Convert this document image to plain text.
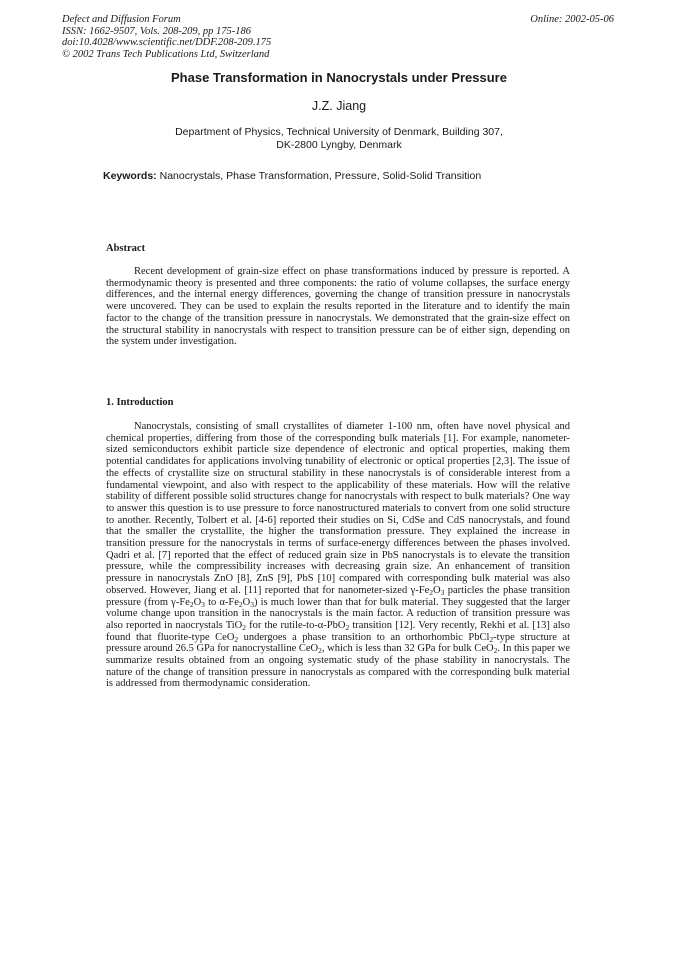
Defect and Diffusion Forum
ISSN: 1662-9507, Vols. 208-209, pp 175-186
doi:10.4028/www.scientific.net/DDF.208-209.175
© 2002 Trans Tech Publications Ltd, Switzerland
Online: 2002-05-06
Phase Transformation in Nanocrystals under Pressure
J.Z. Jiang
Department of Physics, Technical University of Denmark, Building 307,
DK-2800 Lyngby, Denmark
Keywords: Nanocrystals, Phase Transformation, Pressure, Solid-Solid Transition
Abstract
Recent development of grain-size effect on phase transformations induced by pressure is reported. A thermodynamic theory is presented and three components: the ratio of volume collapses, the surface energy differences, and the internal energy differences, governing the change of transition pressure in nanocrystals were uncovered. They can be used to explain the results reported in the literature and to identify the main factor to the change of the transition pressure in nanocrystals. We demonstrated that the grain-size effect on the structural stability in nanocrystals with respect to transition pressure can be of either sign, depending on the system under investigation.
1. Introduction
Nanocrystals, consisting of small crystallites of diameter 1-100 nm, often have novel physical and chemical properties, differing from those of the corresponding bulk materials [1]. For example, nanometer-sized semiconductors exhibit particle size dependence of electronic and optical properties, making them potential candidates for applications involving tunability of electronic or optical properties [2,3]. The issue of the effects of crystallite size on structural stability in these nanocrystals is of considerable interest from a fundamental viewpoint, and also with respect to the applicability of these materials. How will the relative stability of different possible solid structures change for nanocrystals with respect to bulk materials? One way to answer this question is to use pressure to force nanostructured materials to convert from one solid structure to another. Recently, Tolbert et al. [4-6] reported their studies on Si, CdSe and CdS nanocrystals, and found that the smaller the crystallite, the higher the transformation pressure. They explained the increase in transition pressure for the nanocrystals in terms of surface-energy differences between the phases involved. Qadri et al. [7] reported that the effect of reduced grain size in PbS nanocrystals is to elevate the transition pressure, while the compressibility increases with decreasing grain size. An enhancement of transition pressure in nanocrystals ZnO [8], ZnS [9], PbS [10] compared with corresponding bulk material was also observed. However, Jiang et al. [11] reported that for nanometer-sized $\gamma-Fe_2O_3$ particles the phase transition pressure (from $\gamma-Fe_2O_3$ to $\alpha-Fe_2O_3$) is much lower than that for bulk material. They suggested that the larger volume change upon transition in the nanocrystals is the main factor. A reduction of transition pressure was also reported in naocrystals TiO$_2$ for the rutile-to-α-PbO$_2$ transition [12]. Very recently, Rekhi et al. [13] also found that fluorite-type CeO$_2$ undergoes a phase transition to an orthorhombic PbCl$_2$-type structure at pressure around 26.5 GPa for nanocrystalline CeO$_2$, which is less than 32 GPa for bulk CeO$_2$. In this paper we summarize results obtained from an ongoing systematic study of the phase stability in nanocrystals. The nature of the change of transition pressure in nanocrystals as compared with the corresponding bulk material is addressed from thermodynamic consideration.
